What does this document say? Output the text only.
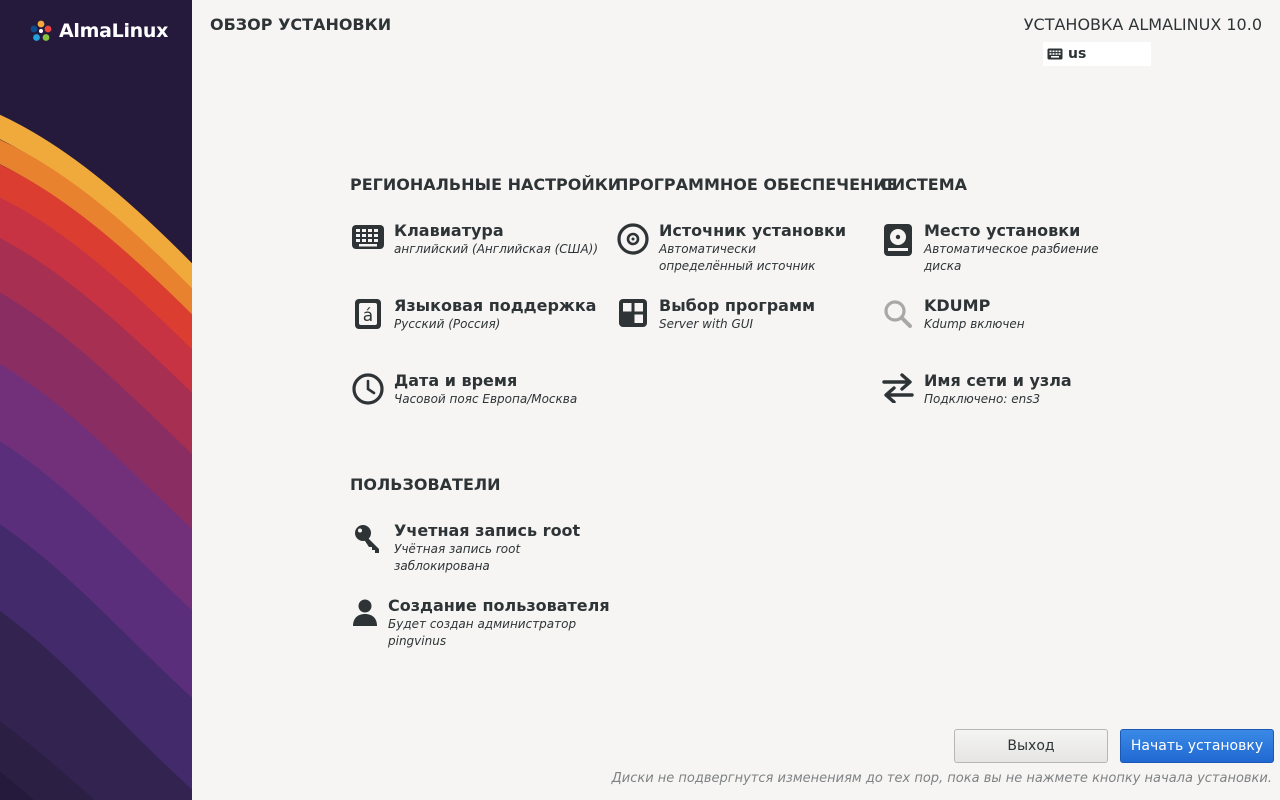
AlmaLinux	ОБЗОР УСТАНОВКИ	УСТАНОВКА ALMALINUX 10.0
us
РЕГИОНАЛЬНЫЕ НАСТРОЙКИ
ПРОГРАММНОЕ ОБЕСПЕЧЕНИЕ
СИСТЕМА
ПОЛЬЗОВАТЕЛИ
Клавиатура
английский (Английская (США))
á
Языковая поддержка
Русский (Россия)
Дата и время
Часовой пояс Европа/Москва
Источник установки
Автоматически определённый источник
Выбор программ
Server with GUI
Место установки
Автоматическое разбиение диска
KDUMP
Kdump включен
Имя сети и узла
Подключено: ens3
Учетная запись root
Учётная запись root заблокирована
Создание пользователя
Будет создан администратор pingvinus
Выход	Начать установку
Диски не подвергнутся изменениям до тех пор, пока вы не нажмете кнопку начала установки.
